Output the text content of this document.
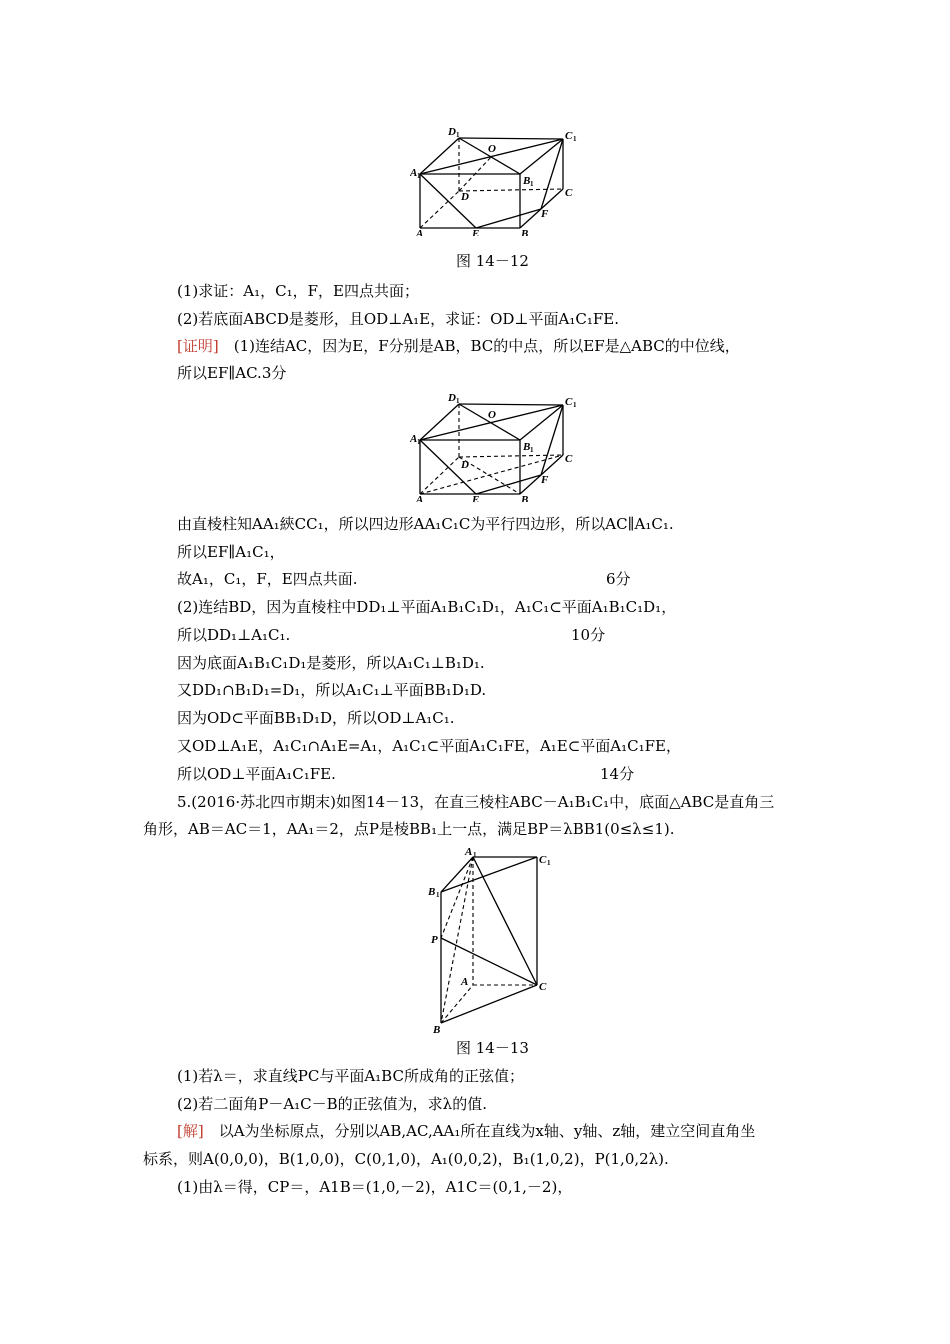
D 1
O
C 1
A 1	B 1
D	C
F
A	E	B
图 14－12
(1)求证：A₁，C₁，F，E四点共面；
(2)若底面ABCD是菱形，且OD⊥A₁E，求证：OD⊥平面A₁C₁FE.
[证明]　(1)连结AC，因为E，F分别是AB，BC的中点，所以EF是△ABC的中位线，
所以EF∥AC.3分
D 1
O
C 1
A 1	B 1
D	C
F
A	E	B
由直棱柱知AA₁綊CC₁，所以四边形AA₁C₁C为平行四边形，所以AC∥A₁C₁.
所以EF∥A₁C₁，
故A₁，C₁，F，E四点共面.	6分
(2)连结BD，因为直棱柱中DD₁⊥平面A₁B₁C₁D₁，A₁C₁⊂平面A₁B₁C₁D₁，
所以DD₁⊥A₁C₁.	10分
因为底面A₁B₁C₁D₁是菱形，所以A₁C₁⊥B₁D₁.
又DD₁∩B₁D₁=D₁，所以A₁C₁⊥平面BB₁D₁D.
因为OD⊂平面BB₁D₁D，所以OD⊥A₁C₁.
又OD⊥A₁E，A₁C₁∩A₁E=A₁，A₁C₁⊂平面A₁C₁FE，A₁E⊂平面A₁C₁FE，
所以OD⊥平面A₁C₁FE.	14分
5.(2016·苏北四市期末)如图14－13，在直三棱柱ABC－A₁B₁C₁中，底面△ABC是直角三
角形，AB＝AC＝1，AA₁＝2，点P是棱BB₁上一点，满足BP＝λBB1(0≤λ≤1).
A 1	C 1
B 1
P
A	C
B
图 14－13
(1)若λ＝，求直线PC与平面A₁BC所成角的正弦值；
(2)若二面角P－A₁C－B的正弦值为，求λ的值.
[解]　以A为坐标原点，分别以AB,AC,AA₁所在直线为x轴、y轴、z轴，建立空间直角坐
标系，则A(0,0,0)，B(1,0,0)，C(0,1,0)，A₁(0,0,2)，B₁(1,0,2)，P(1,0,2λ).
(1)由λ＝得，CP＝，A1B＝(1,0,－2)，A1C＝(0,1,－2)，
